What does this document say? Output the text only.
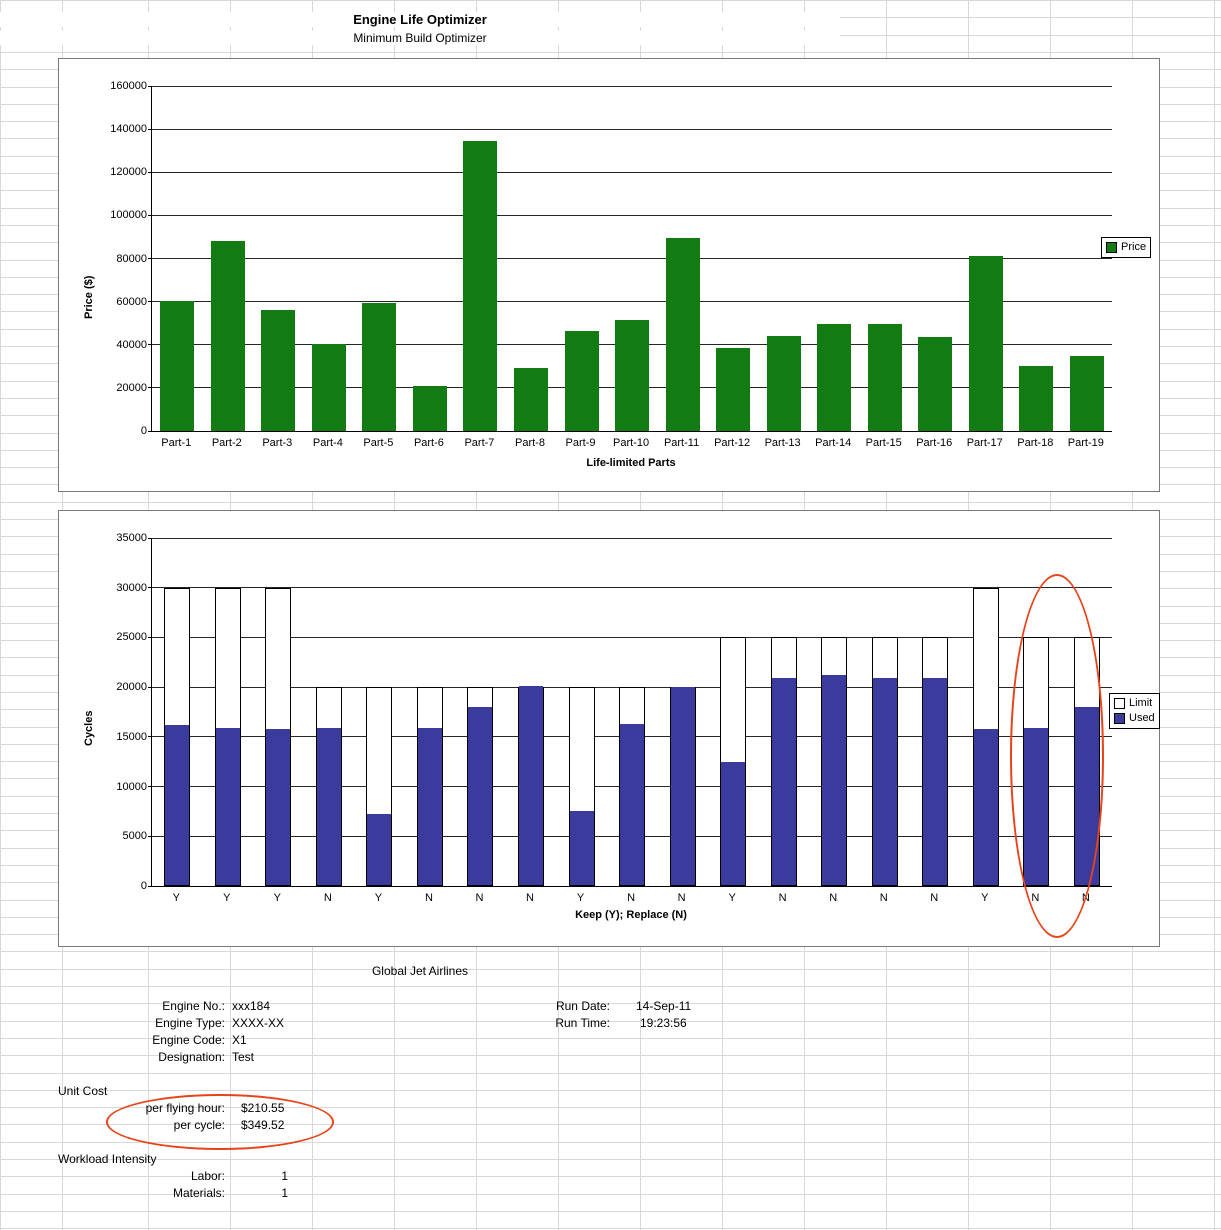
Engine Life Optimizer
Minimum Build Optimizer
0
20000
40000
60000
80000
100000
120000
140000
160000
Price ($)
Part-1	Part-2	Part-3	Part-4	Part-5	Part-6	Part-7	Part-8	Part-9	Part-10	Part-11	Part-12	Part-13	Part-14	Part-15	Part-16	Part-17	Part-18	Part-19
Life-limited Parts
Price
0
5000
10000
15000
20000
25000
30000
35000
Cycles
Y	Y	Y	N	Y	N	N	N	Y	N	N	Y	N	N	N	N	Y	N	N
Keep (Y); Replace (N)
Limit
Used
Global Jet Airlines
Engine No.: xxx184
Engine Type: XXXX-XX
Engine Code: X1
Designation: Test
Run Date: 14-Sep-11
Run Time:	19:23:56
Unit Cost
per flying hour: $210.55
per cycle: $349.52
Workload Intensity
Labor:	1
Materials:	1
